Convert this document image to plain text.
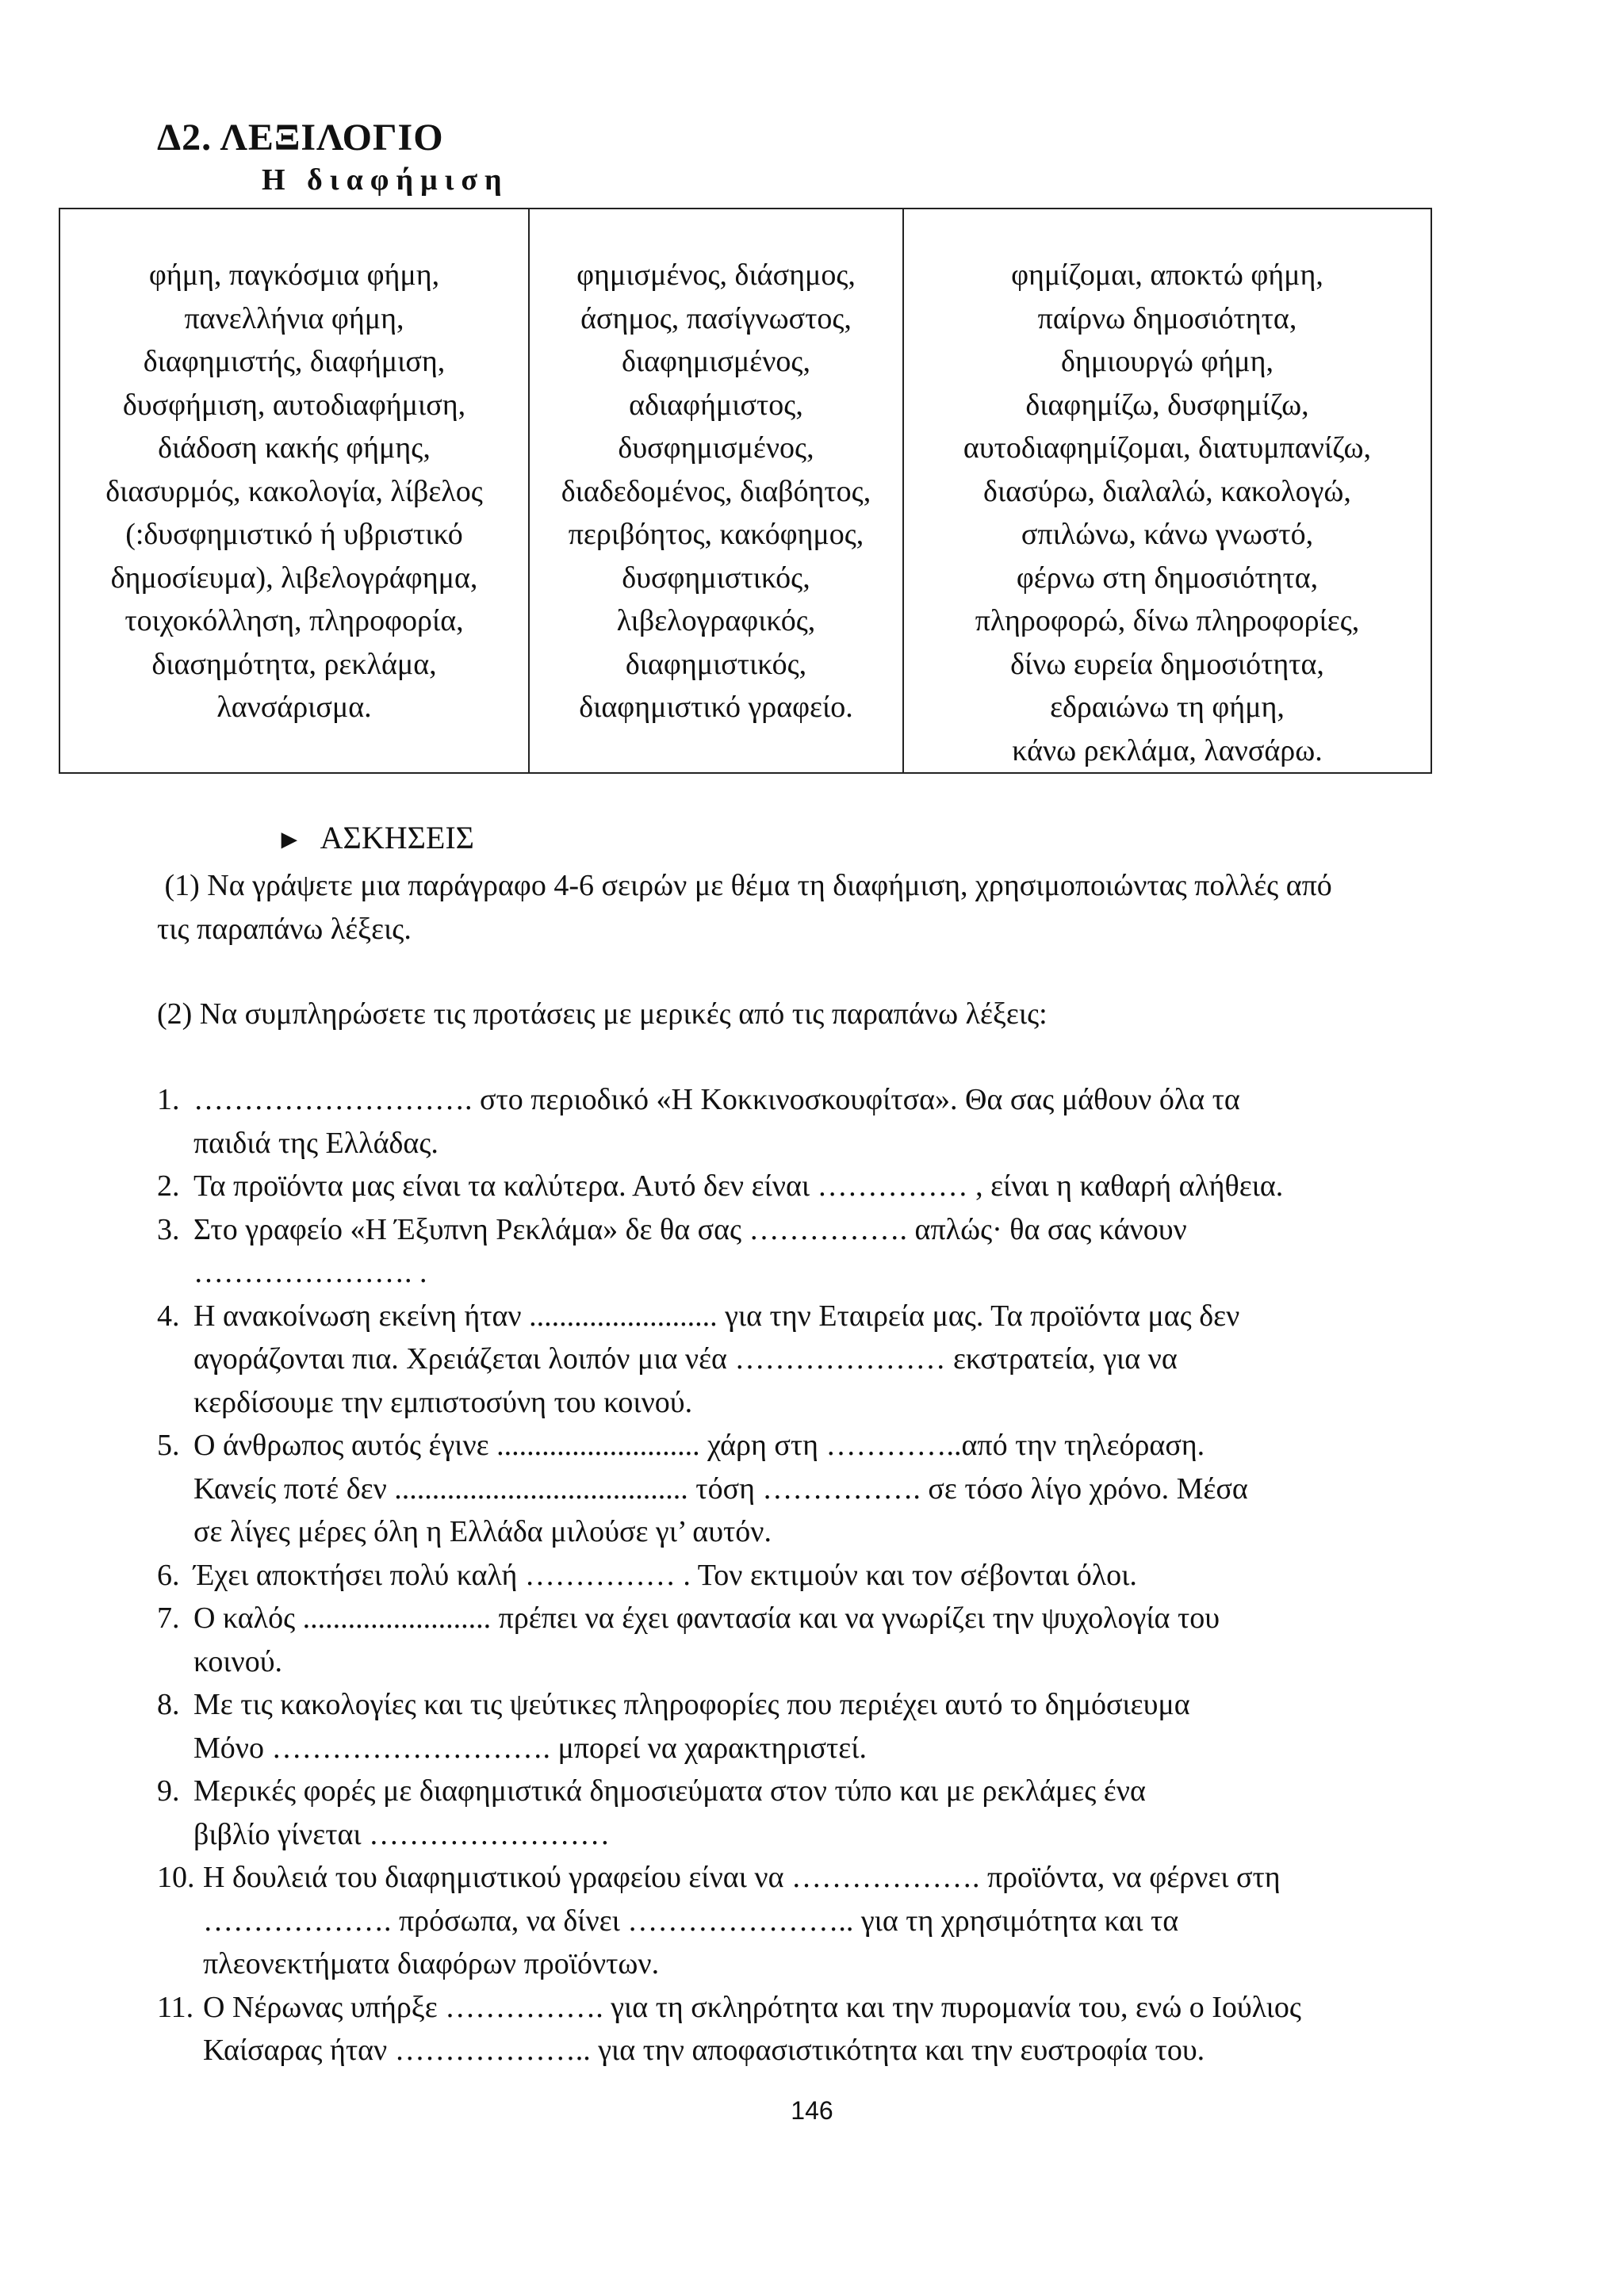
Δ2. ΛΕΞΙΛΟΓΙΟ
Η διαφήμιση
φήμη, παγκόσμια φήμη,
πανελλήνια φήμη,
διαφημιστής, διαφήμιση,
δυσφήμιση, αυτοδιαφήμιση,
διάδοση κακής φήμης,
διασυρμός, κακολογία, λίβελος
(:δυσφημιστικό ή υβριστικό
δημοσίευμα), λιβελογράφημα,
τοιχοκόλληση, πληροφορία,
διασημότητα, ρεκλάμα,
λανσάρισμα.
φημισμένος, διάσημος,
άσημος, πασίγνωστος,
διαφημισμένος,
αδιαφήμιστος,
δυσφημισμένος,
διαδεδομένος, διαβόητος,
περιβόητος, κακόφημος,
δυσφημιστικός,
λιβελογραφικός,
διαφημιστικός,
διαφημιστικό γραφείο.
φημίζομαι, αποκτώ φήμη,
παίρνω δημοσιότητα,
δημιουργώ φήμη,
διαφημίζω, δυσφημίζω,
αυτοδιαφημίζομαι, διατυμπανίζω,
διασύρω, διαλαλώ, κακολογώ,
σπιλώνω, κάνω γνωστό,
φέρνω στη δημοσιότητα,
πληροφορώ, δίνω πληροφορίες,
δίνω ευρεία δημοσιότητα,
εδραιώνω τη φήμη,
κάνω ρεκλάμα, λανσάρω.
► ΑΣΚΗΣΕΙΣ
(1) Να γράψετε μια παράγραφο 4-6 σειρών με θέμα τη διαφήμιση, χρησιμοποιώντας πολλές από
τις παραπάνω λέξεις.
(2) Να συμπληρώσετε τις προτάσεις με μερικές από τις παραπάνω λέξεις:
1. ………………………. στο περιοδικό «Η Κοκκινοσκουφίτσα». Θα σας μάθουν όλα τα
παιδιά της Ελλάδας.
2. Τα προϊόντα μας είναι τα καλύτερα. Αυτό δεν είναι …………… , είναι η καθαρή αλήθεια.
3. Στο γραφείο «Η Έξυπνη Ρεκλάμα» δε θα σας ……………. απλώς· θα σας κάνουν
…………………. .
4. Η ανακοίνωση εκείνη ήταν ......................... για την Εταιρεία μας. Τα προϊόντα μας δεν
αγοράζονται πια. Χρειάζεται λοιπόν μια νέα ………………… εκστρατεία, για να
κερδίσουμε την εμπιστοσύνη του κοινού.
5. Ο άνθρωπος αυτός έγινε ........................... χάρη στη …………..από την τηλεόραση.
Κανείς ποτέ δεν ....................................... τόση ……………. σε τόσο λίγο χρόνο. Μέσα
σε λίγες μέρες όλη η Ελλάδα μιλούσε γι’ αυτόν.
6. Έχει αποκτήσει πολύ καλή …………… . Τον εκτιμούν και τον σέβονται όλοι.
7. Ο καλός ......................... πρέπει να έχει φαντασία και να γνωρίζει την ψυχολογία του
κοινού.
8. Με τις κακολογίες και τις ψεύτικες πληροφορίες που περιέχει αυτό το δημόσιευμα
Μόνο ………………………. μπορεί να χαρακτηριστεί.
9. Μερικές φορές με διαφημιστικά δημοσιεύματα στον τύπο και με ρεκλάμες ένα
βιβλίο γίνεται ……………………
10. Η δουλειά του διαφημιστικού γραφείου είναι να ………………. προϊόντα, να φέρνει στη
………………. πρόσωπα, να δίνει ………………….. για τη χρησιμότητα και τα
πλεονεκτήματα διαφόρων προϊόντων.
11. Ο Νέρωνας υπήρξε ……………. για τη σκληρότητα και την πυρομανία του, ενώ ο Ιούλιος
Καίσαρας ήταν ……………….. για την αποφασιστικότητα και την ευστροφία του.
146
